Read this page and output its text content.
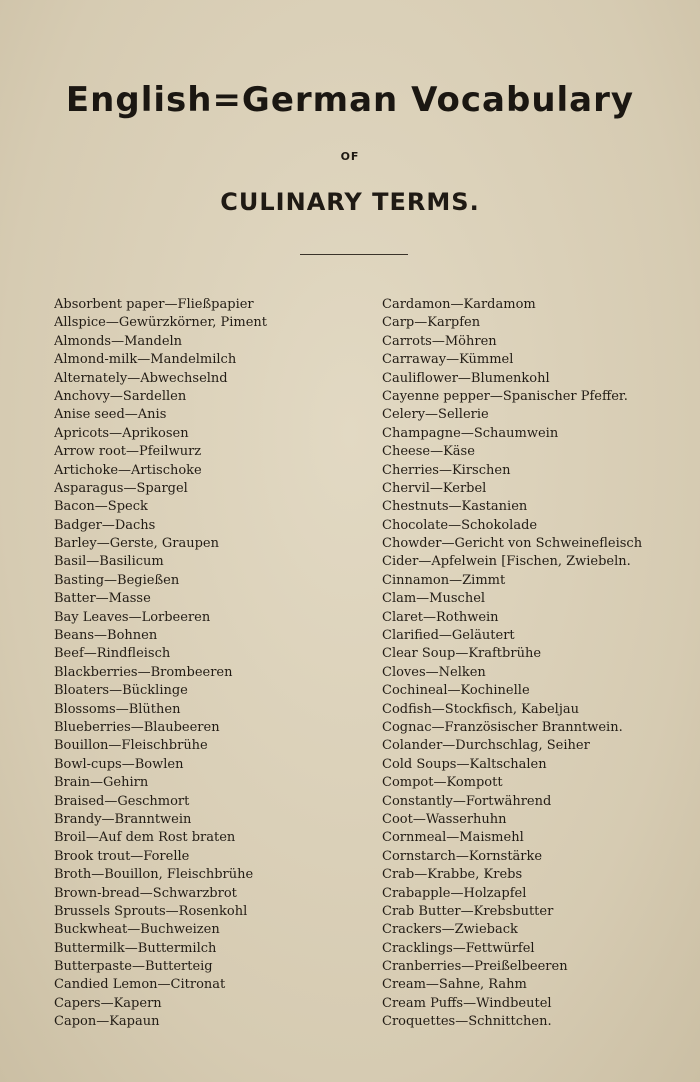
English=German Vocabulary
OF
CULINARY TERMS.
Absorbent paper—Fließpapier
Allspice—Gewürzkörner, Piment
Almonds—Mandeln
Almond-milk—Mandelmilch
Alternately—Abwechselnd
Anchovy—Sardellen
Anise seed—Anis
Apricots—Aprikosen
Arrow root—Pfeilwurz
Artichoke—Artischoke
Asparagus—Spargel
Bacon—Speck
Badger—Dachs
Barley—Gerste, Graupen
Basil—Basilicum
Basting—Begießen
Batter—Masse
Bay Leaves—Lorbeeren
Beans—Bohnen
Beef—Rindfleisch
Blackberries—Brombeeren
Bloaters—Bücklinge
Blossoms—Blüthen
Blueberries—Blaubeeren
Bouillon—Fleischbrühe
Bowl-cups—Bowlen
Brain—Gehirn
Braised—Geschmort
Brandy—Branntwein
Broil—Auf dem Rost braten
Brook trout—Forelle
Broth—Bouillon, Fleischbrühe
Brown-bread—Schwarzbrot
Brussels Sprouts—Rosenkohl
Buckwheat—Buchweizen
Buttermilk—Buttermilch
Butterpaste—Butterteig
Candied Lemon—Citronat
Capers—Kapern
Capon—Kapaun
Cardamon—Kardamom
Carp—Karpfen
Carrots—Möhren
Carraway—Kümmel
Cauliflower—Blumenkohl
Cayenne pepper—Spanischer Pfeffer.
Celery—Sellerie
Champagne—Schaumwein
Cheese—Käse
Cherries—Kirschen
Chervil—Kerbel
Chestnuts—Kastanien
Chocolate—Schokolade
Chowder—Gericht von Schweinefleisch
Cider—Apfelwein [Fischen, Zwiebeln.
Cinnamon—Zimmt
Clam—Muschel
Claret—Rothwein
Clarified—Geläutert
Clear Soup—Kraftbrühe
Cloves—Nelken
Cochineal—Kochinelle
Codfish—Stockfisch, Kabeljau
Cognac—Französischer Branntwein.
Colander—Durchschlag, Seiher
Cold Soups—Kaltschalen
Compot—Kompott
Constantly—Fortwährend
Coot—Wasserhuhn
Cornmeal—Maismehl
Cornstarch—Kornstärke
Crab—Krabbe, Krebs
Crabapple—Holzapfel
Crab Butter—Krebsbutter
Crackers—Zwieback
Cracklings—Fettwürfel
Cranberries—Preißelbeeren
Cream—Sahne, Rahm
Cream Puffs—Windbeutel
Croquettes—Schnittchen.
